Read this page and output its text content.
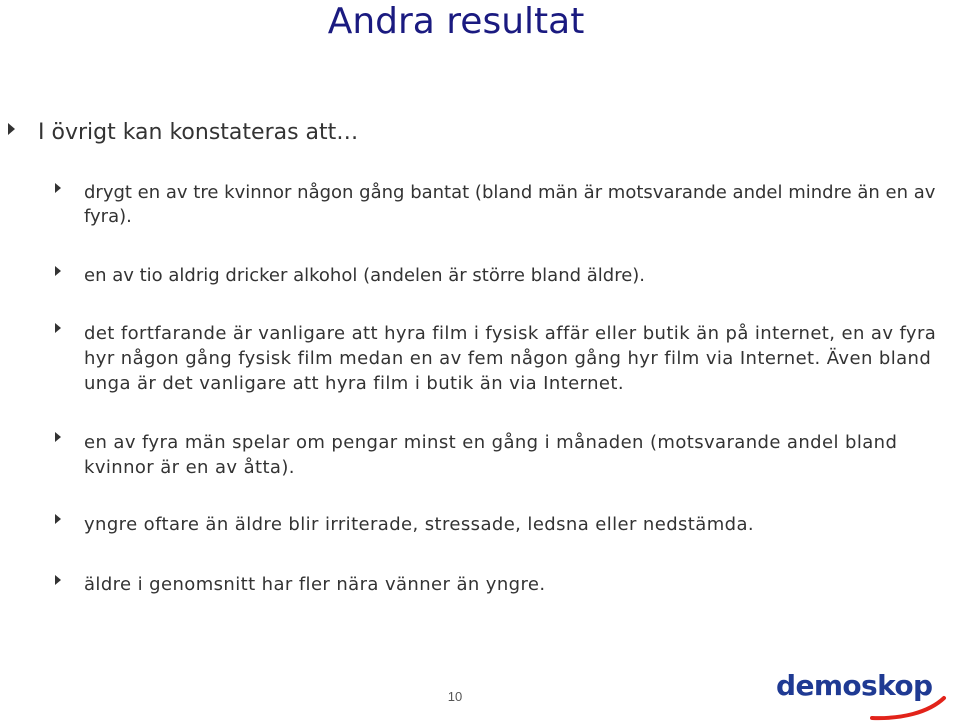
Andra resultat

I övrigt kan konstateras att…

drygt en av tre kvinnor någon gång bantat (bland män är motsvarande andel mindre än en av fyra).

en av tio aldrig dricker alkohol (andelen är större bland äldre).

det fortfarande är vanligare att hyra film i fysisk affär eller butik än på internet, en av fyra hyr någon gång fysisk film medan en av fem någon gång hyr film via Internet. Även bland unga är det vanligare att hyra film i butik än via Internet.

en av fyra män spelar om pengar minst en gång i månaden (motsvarande andel bland kvinnor är en av åtta).

yngre oftare än äldre blir irriterade, stressade, ledsna eller nedstämda.

äldre i genomsnitt har fler nära vänner än yngre.

10	demoskop
